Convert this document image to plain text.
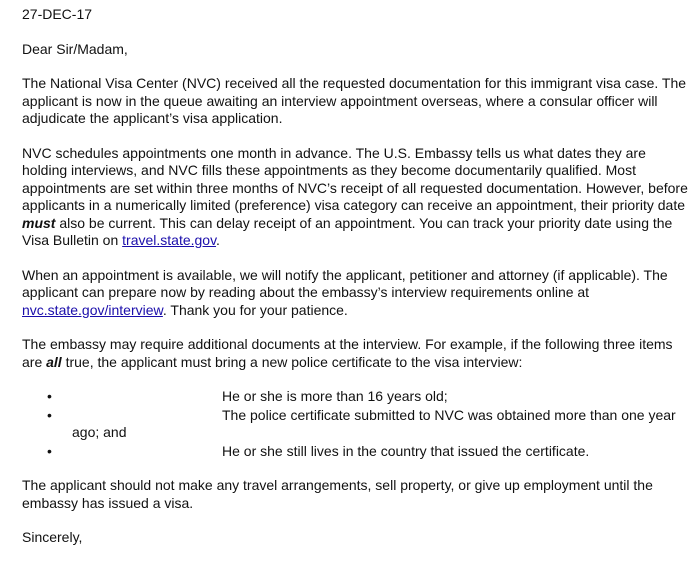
27-DEC-17

Dear Sir/Madam,

The National Visa Center (NVC) received all the requested documentation for this immigrant visa case. The applicant is now in the queue awaiting an interview appointment overseas, where a consular officer will adjudicate the applicant’s visa application.

NVC schedules appointments one month in advance. The U.S. Embassy tells us what dates they are holding interviews, and NVC fills these appointments as they become documentarily qualified. Most appointments are set within three months of NVC’s receipt of all requested documentation. However, before applicants in a numerically limited (preference) visa category can receive an appointment, their priority date must also be current. This can delay receipt of an appointment. You can track your priority date using the Visa Bulletin on travel.state.gov.

When an appointment is available, we will notify the applicant, petitioner and attorney (if applicable). The applicant can prepare now by reading about the embassy’s interview requirements online at nvc.state.gov/interview. Thank you for your patience.

The embassy may require additional documents at the interview. For example, if the following three items are all true, the applicant must bring a new police certificate to the visa interview:

•	He or she is more than 16 years old;
•	The police certificate submitted to NVC was obtained more than one year ago; and
•	He or she still lives in the country that issued the certificate.

The applicant should not make any travel arrangements, sell property, or give up employment until the embassy has issued a visa.

Sincerely,
